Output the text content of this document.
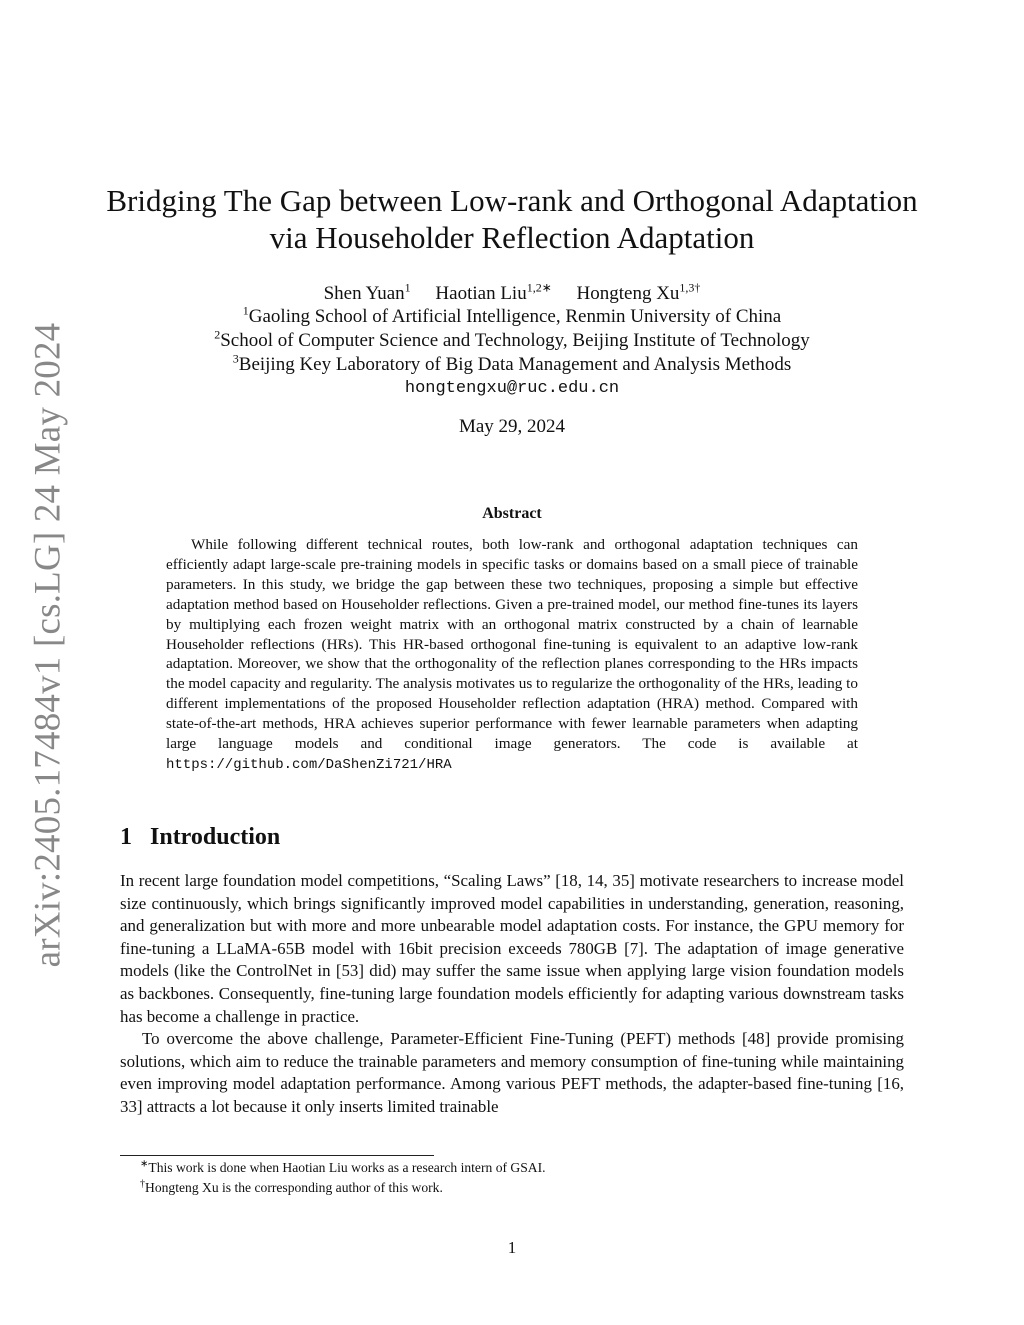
arXiv:2405.17484v1 [cs.LG] 24 May 2024
Bridging The Gap between Low-rank and Orthogonal Adaptation
via Householder Reflection Adaptation
Shen Yuan$^1$ Haotian Liu$^{1,2∗}$ Hongteng $Xu^{1,3\dagger}$
$^1$Gaoling School of Artificial Intelligence, Renmin University of China
$^2$School of Computer Science and Technology, Beijing Institute of Technology
$^3$Beijing Key Laboratory of Big Data Management and Analysis Methods
hongtengxu@ruc.edu.cn
May 29, 2024
Abstract

While following different technical routes, both low-rank and orthogonal adaptation techniques can efficiently adapt large-scale pre-training models in specific tasks or domains based on a small piece of trainable parameters. In this study, we bridge the gap between these two techniques, proposing a simple but effective adaptation method based on Householder reflections. Given a pre-trained model, our method fine-tunes its layers by multiplying each frozen weight matrix with an orthogonal matrix constructed by a chain of learnable Householder reflections (HRs). This HR-based orthogonal fine-tuning is equivalent to an adaptive low-rank adaptation. Moreover, we show that the orthogonality of the reflection planes corresponding to the HRs impacts the model capacity and regularity. The analysis motivates us to regularize the orthogonality of the HRs, leading to different implementations of the proposed Householder reflection adaptation (HRA) method. Compared with state-of-the-art methods, HRA achieves superior performance with fewer learnable parameters when adapting large language models and conditional image generators. The code is available at https://github.com/DaShenZi721/HRA

1 Introduction

In recent large foundation model competitions, “Scaling Laws” [18, 14, 35] motivate researchers to increase model size continuously, which brings significantly improved model capabilities in understanding, generation, reasoning, and generalization but with more and more unbearable model adaptation costs. For instance, the GPU memory for fine-tuning a LLaMA-65B model with 16bit precision exceeds 780GB [7]. The adaptation of image generative models (like the ControlNet in [53] did) may suffer the same issue when applying large vision foundation models as backbones. Consequently, fine-tuning large foundation models efficiently for adapting various downstream tasks has become a challenge in practice.

To overcome the above challenge, Parameter-Efficient Fine-Tuning (PEFT) methods [48] provide promising solutions, which aim to reduce the trainable parameters and memory consumption of fine-tuning while maintaining even improving model adaptation performance. Among various PEFT methods, the adapter-based fine-tuning [16, 33] attracts a lot because it only inserts limited trainable

∗This work is done when Haotian Liu works as a research intern of GSAI.
†Hongteng Xu is the corresponding author of this work.
1
